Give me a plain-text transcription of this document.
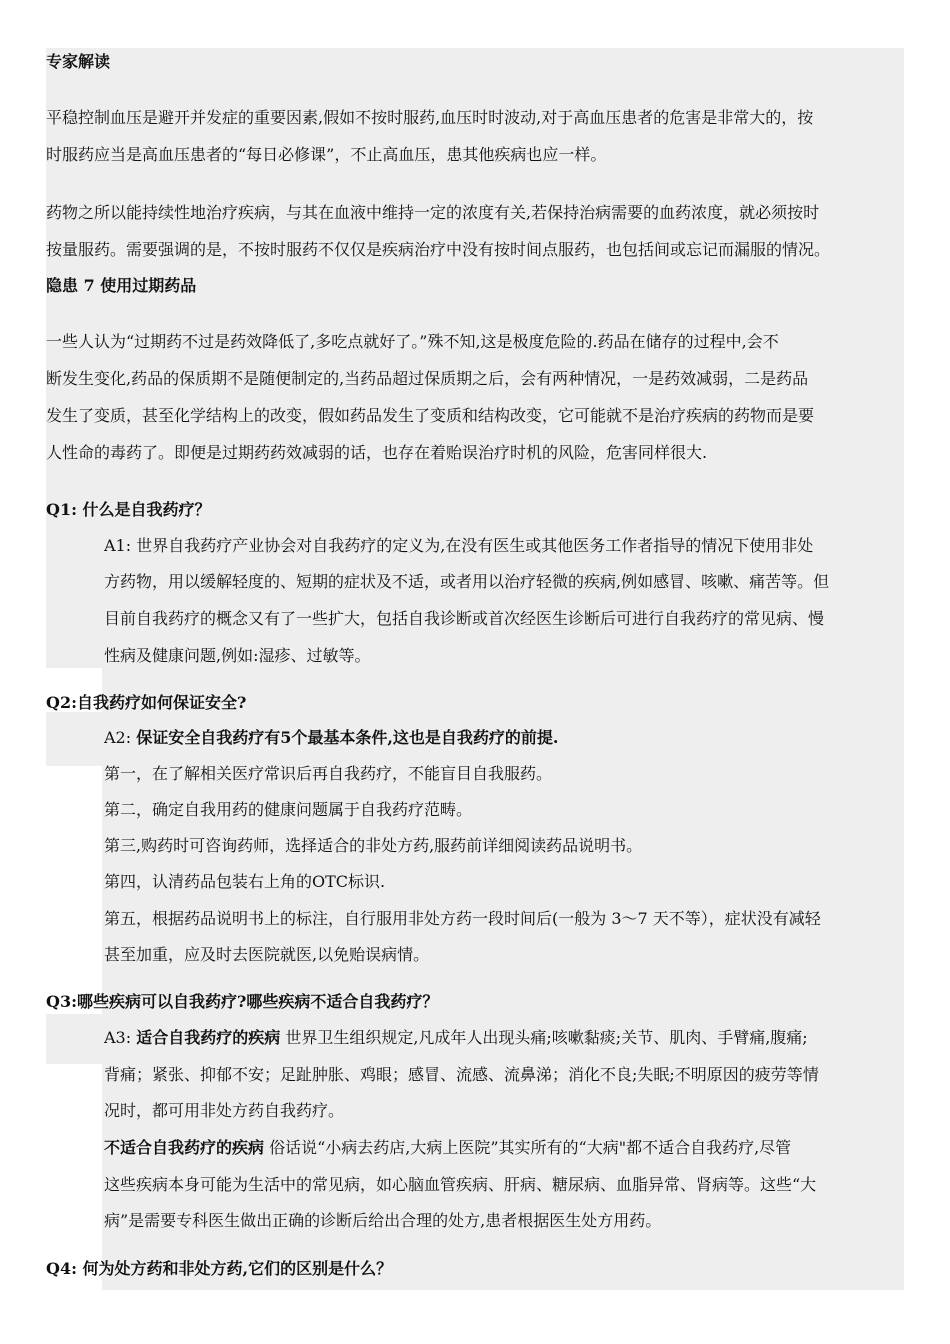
专家解读
平稳控制血压是避开并发症的重要因素,假如不按时服药,血压时时波动,对于高血压患者的危害是非常大的，按
时服药应当是高血压患者的“每日必修课”，不止高血压，患其他疾病也应一样。
药物之所以能持续性地治疗疾病，与其在血液中维持一定的浓度有关,若保持治病需要的血药浓度，就必须按时
按量服药。需要强调的是，不按时服药不仅仅是疾病治疗中没有按时间点服药，也包括间或忘记而漏服的情况。
隐患 7 使用过期药品
一些人认为“过期药不过是药效降低了,多吃点就好了。”殊不知,这是极度危险的.药品在储存的过程中,会不
断发生变化,药品的保质期不是随便制定的,当药品超过保质期之后，会有两种情况，一是药效减弱，二是药品
发生了变质，甚至化学结构上的改变，假如药品发生了变质和结构改变，它可能就不是治疗疾病的药物而是要
人性命的毒药了。即便是过期药药效减弱的话，也存在着贻误治疗时机的风险，危害同样很大.
Q1: 什么是自我药疗？
A1: 世界自我药疗产业协会对自我药疗的定义为,在没有医生或其他医务工作者指导的情况下使用非处
方药物，用以缓解轻度的、短期的症状及不适，或者用以治疗轻微的疾病,例如感冒、咳嗽、痛苦等。但
目前自我药疗的概念又有了一些扩大，包括自我诊断或首次经医生诊断后可进行自我药疗的常见病、慢
性病及健康问题,例如:湿疹、过敏等。
Q2:自我药疗如何保证安全?
A2: 保证安全自我药疗有5个最基本条件,这也是自我药疗的前提.
第一，在了解相关医疗常识后再自我药疗，不能盲目自我服药。
第二，确定自我用药的健康问题属于自我药疗范畴。
第三,购药时可咨询药师，选择适合的非处方药,服药前详细阅读药品说明书。
第四，认清药品包装右上角的OTC标识.
第五，根据药品说明书上的标注，自行服用非处方药一段时间后(一般为 3～7 天不等），症状没有减轻
甚至加重，应及时去医院就医,以免贻误病情。
Q3:哪些疾病可以自我药疗?哪些疾病不适合自我药疗？
A3: 适合自我药疗的疾病 世界卫生组织规定,凡成年人出现头痛;咳嗽黏痰;关节、肌肉、手臂痛,腹痛;
背痛；紧张、抑郁不安；足趾肿胀、鸡眼；感冒、流感、流鼻涕；消化不良;失眠;不明原因的疲劳等情
况时，都可用非处方药自我药疗。
不适合自我药疗的疾病 俗话说“小病去药店,大病上医院”其实所有的“大病"都不适合自我药疗,尽管
这些疾病本身可能为生活中的常见病，如心脑血管疾病、肝病、糖尿病、血脂异常、肾病等。这些“大
病”是需要专科医生做出正确的诊断后给出合理的处方,患者根据医生处方用药。
Q4: 何为处方药和非处方药,它们的区别是什么？
